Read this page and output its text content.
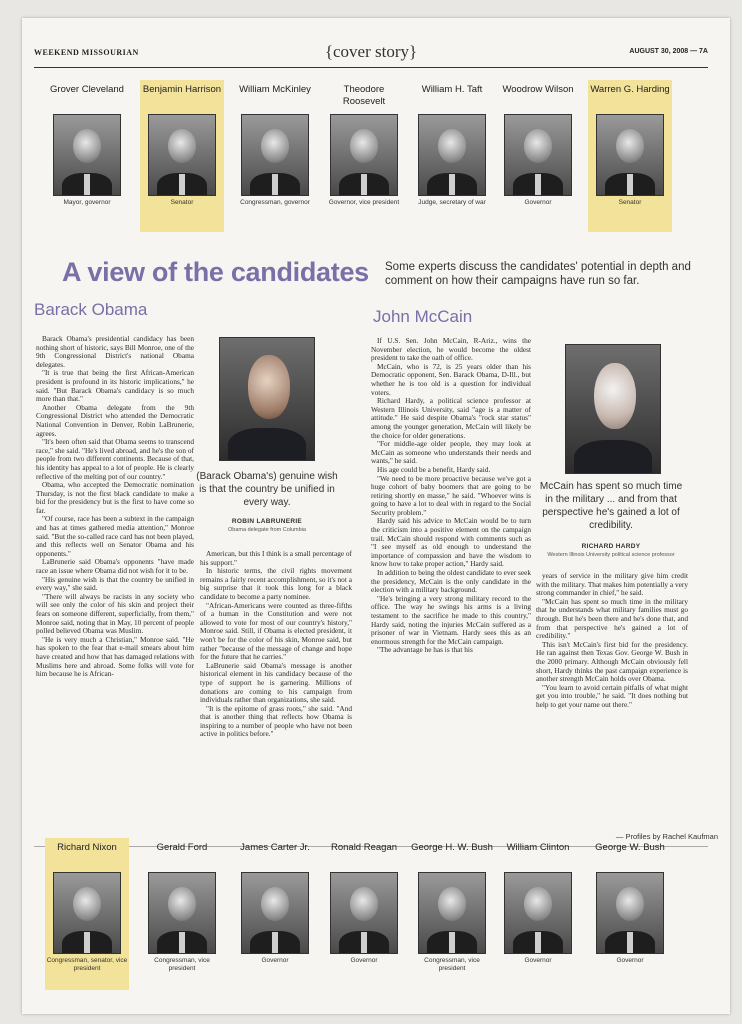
WEEKEND MISSOURIAN	{cover story}	AUGUST 30, 2008 — 7A
Grover Cleveland
Mayor, governor
Benjamin Harrison
Senator
William McKinley
Congressman, governor
Theodore Roosevelt
Governor, vice president
William H. Taft
Judge, secretary of war
Woodrow Wilson
Governor
Warren G. Harding
Senator
A view of the candidates Some experts discuss the candidates' potential in depth and comment on how their campaigns have run so far.
Barack Obama

Barack Obama's presidential candidacy has been nothing short of historic, says Bill Monroe, one of the 9th Congressional District's national Obama delegates.

"It is true that being the first African-American president is profound in its historic implications," he said. "But Barack Obama's candidacy is so much more than that."

Another Obama delegate from the 9th Congressional District who attended the Democratic National Convention in Denver, Robin LaBrunerie, agrees.

"It's been often said that Obama seems to transcend race," she said. "He's lived abroad, and he's the son of people from two different continents. Because of that, his identity has appeal to a lot of people. He is clearly reflective of the melting pot of our country."

Obama, who accepted the Democratic nomination Thursday, is not the first black candidate to make a bid for the presidency but is the first to have come so far.

"Of course, race has been a subtext in the campaign and has at times gathered media attention," Monroe said. "But the so-called race card has not been played, and this reflects well on Senator Obama and his opponents."

LaBrunerie said Obama's opponents "have made race an issue where Obama did not wish for it to be.

"His genuine wish is that the country be unified in every way," she said.

"There will always be racists in any society who will see only the color of his skin and project their fears on someone different, superficially, from them," Monroe said, noting that in May, 10 percent of people polled believed Obama was Muslim.

"He is very much a Christian," Monroe said. "He has spoken to the fear that e-mail smears about him have created and how that has damaged relations with Muslims here and abroad. Some folks will vote for him because he is African-

(Barack Obama's) genuine wish is that the country be unified in every way.
ROBIN LABRUNERIE
Obama delegate from Columbia

American, but this I think is a small percentage of his support."

In historic terms, the civil rights movement remains a fairly recent accomplishment, so it's not a big surprise that it took this long for a black candidate to become a party nominee.

"African-Americans were counted as three-fifths of a human in the Constitution and were not allowed to vote for most of our country's history," Monroe said. Still, if Obama is elected president, it won't be for the color of his skin, Monroe said, but rather "because of the message of change and hope for the future that he carries."

LaBrunerie said Obama's message is another historical element in his candidacy because of the type of support he is garnering. Millions of donations are coming to his campaign from individuals rather than organizations, she said.

"It is the epitome of grass roots," she said. "And that is another thing that reflects how Obama is inspiring to a number of people who have not been active in politics before."

John McCain

If U.S. Sen. John McCain, R-Ariz., wins the November election, he would become the oldest president to take the oath of office.

McCain, who is 72, is 25 years older than his Democratic opponent, Sen. Barack Obama, D-Ill., but whether he is too old is a question for individual voters.

Richard Hardy, a political science professor at Western Illinois University, said "age is a matter of attitude." He said despite Obama's "rock star status" among the younger generation, McCain will likely be the choice for older generations.

"For middle-age older people, they may look at McCain as someone who understands their needs and wants," he said.

His age could be a benefit, Hardy said.

"We need to be more proactive because we've got a huge cohort of baby boomers that are going to be retiring shortly en masse," he said. "Whoever wins is going to have a lot to deal with in regard to the Social Security problem."

Hardy said his advice to McCain would be to turn the criticism into a positive element on the campaign trail. McCain should respond with comments such as "I see myself as old enough to understand the importance of compassion and have the wisdom to know how to take proper action," Hardy said.

In addition to being the oldest candidate to ever seek the presidency, McCain is the only candidate in the election with a military background.

"He's bringing a very strong military record to the office. The way he swings his arms is a living testament to the sacrifice he made to this country," Hardy said, noting the injuries McCain suffered as a prisoner of war in Vietnam. Hardy sees this as an enormous strength for the McCain campaign.

"The advantage he has is that his

McCain has spent so much time in the military ... and from that perspective he's gained a lot of credibility.
RICHARD HARDY
Western Illinois University political science professor

years of service in the military give him credit with the military. That makes him potentially a very strong commander in chief," he said.

"McCain has spent so much time in the military that he understands what military families must go through. But he's been there and he's done that, and from that perspective he's gained a lot of credibility."

This isn't McCain's first bid for the presidency. He ran against then Texas Gov. George W. Bush in the 2000 primary. Although McCain obviously fell short, Hardy thinks the past campaign experience is another strength McCain holds over Obama.

"You learn to avoid certain pitfalls of what might get you into trouble," he said. "It does nothing but help to get your name out there."

— Profiles by Rachel Kaufman
Richard Nixon
Congressman, senator, vice president
Gerald Ford
Congressman, vice president
James Carter Jr.
Governor
Ronald Reagan
Governor
George H. W. Bush
Congressman, vice president
William Clinton
Governor
George W. Bush
Governor
